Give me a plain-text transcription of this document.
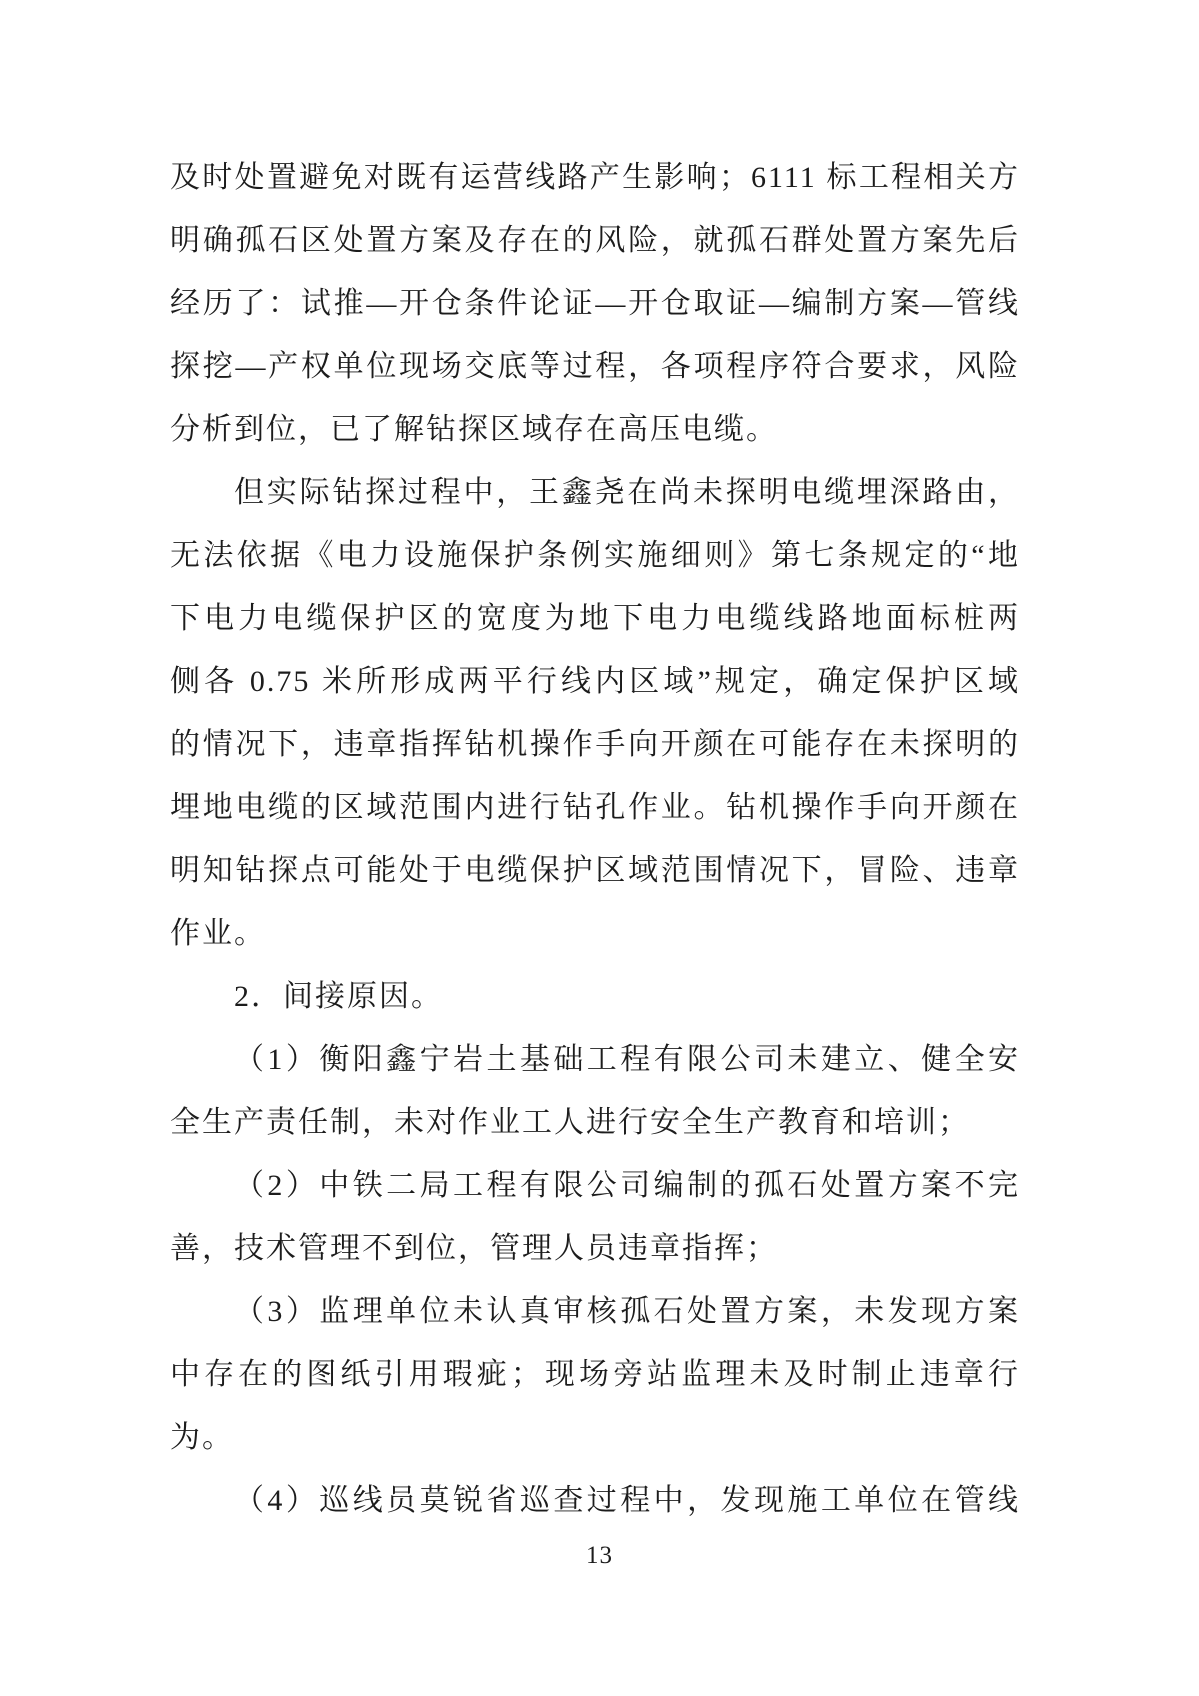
及时处置避免对既有运营线路产生影响；6111 标工程相关方
明确孤石区处置方案及存在的风险，就孤石群处置方案先后
经历了：试推—开仓条件论证—开仓取证—编制方案—管线
探挖—产权单位现场交底等过程，各项程序符合要求，风险
分析到位，已了解钻探区域存在高压电缆。
但实际钻探过程中，王鑫尧在尚未探明电缆埋深路由，
无法依据《电力设施保护条例实施细则》第七条规定的“地
下电力电缆保护区的宽度为地下电力电缆线路地面标桩两
侧各 0.75 米所形成两平行线内区域”规定，确定保护区域
的情况下，违章指挥钻机操作手向开颜在可能存在未探明的
埋地电缆的区域范围内进行钻孔作业。钻机操作手向开颜在
明知钻探点可能处于电缆保护区域范围情况下，冒险、违章
作业。
2．间接原因。
（1）衡阳鑫宁岩土基础工程有限公司未建立、健全安
全生产责任制，未对作业工人进行安全生产教育和培训；
（2）中铁二局工程有限公司编制的孤石处置方案不完
善，技术管理不到位，管理人员违章指挥；
（3）监理单位未认真审核孤石处置方案，未发现方案
中存在的图纸引用瑕疵；现场旁站监理未及时制止违章行
为。
（4）巡线员莫锐省巡查过程中，发现施工单位在管线
13
